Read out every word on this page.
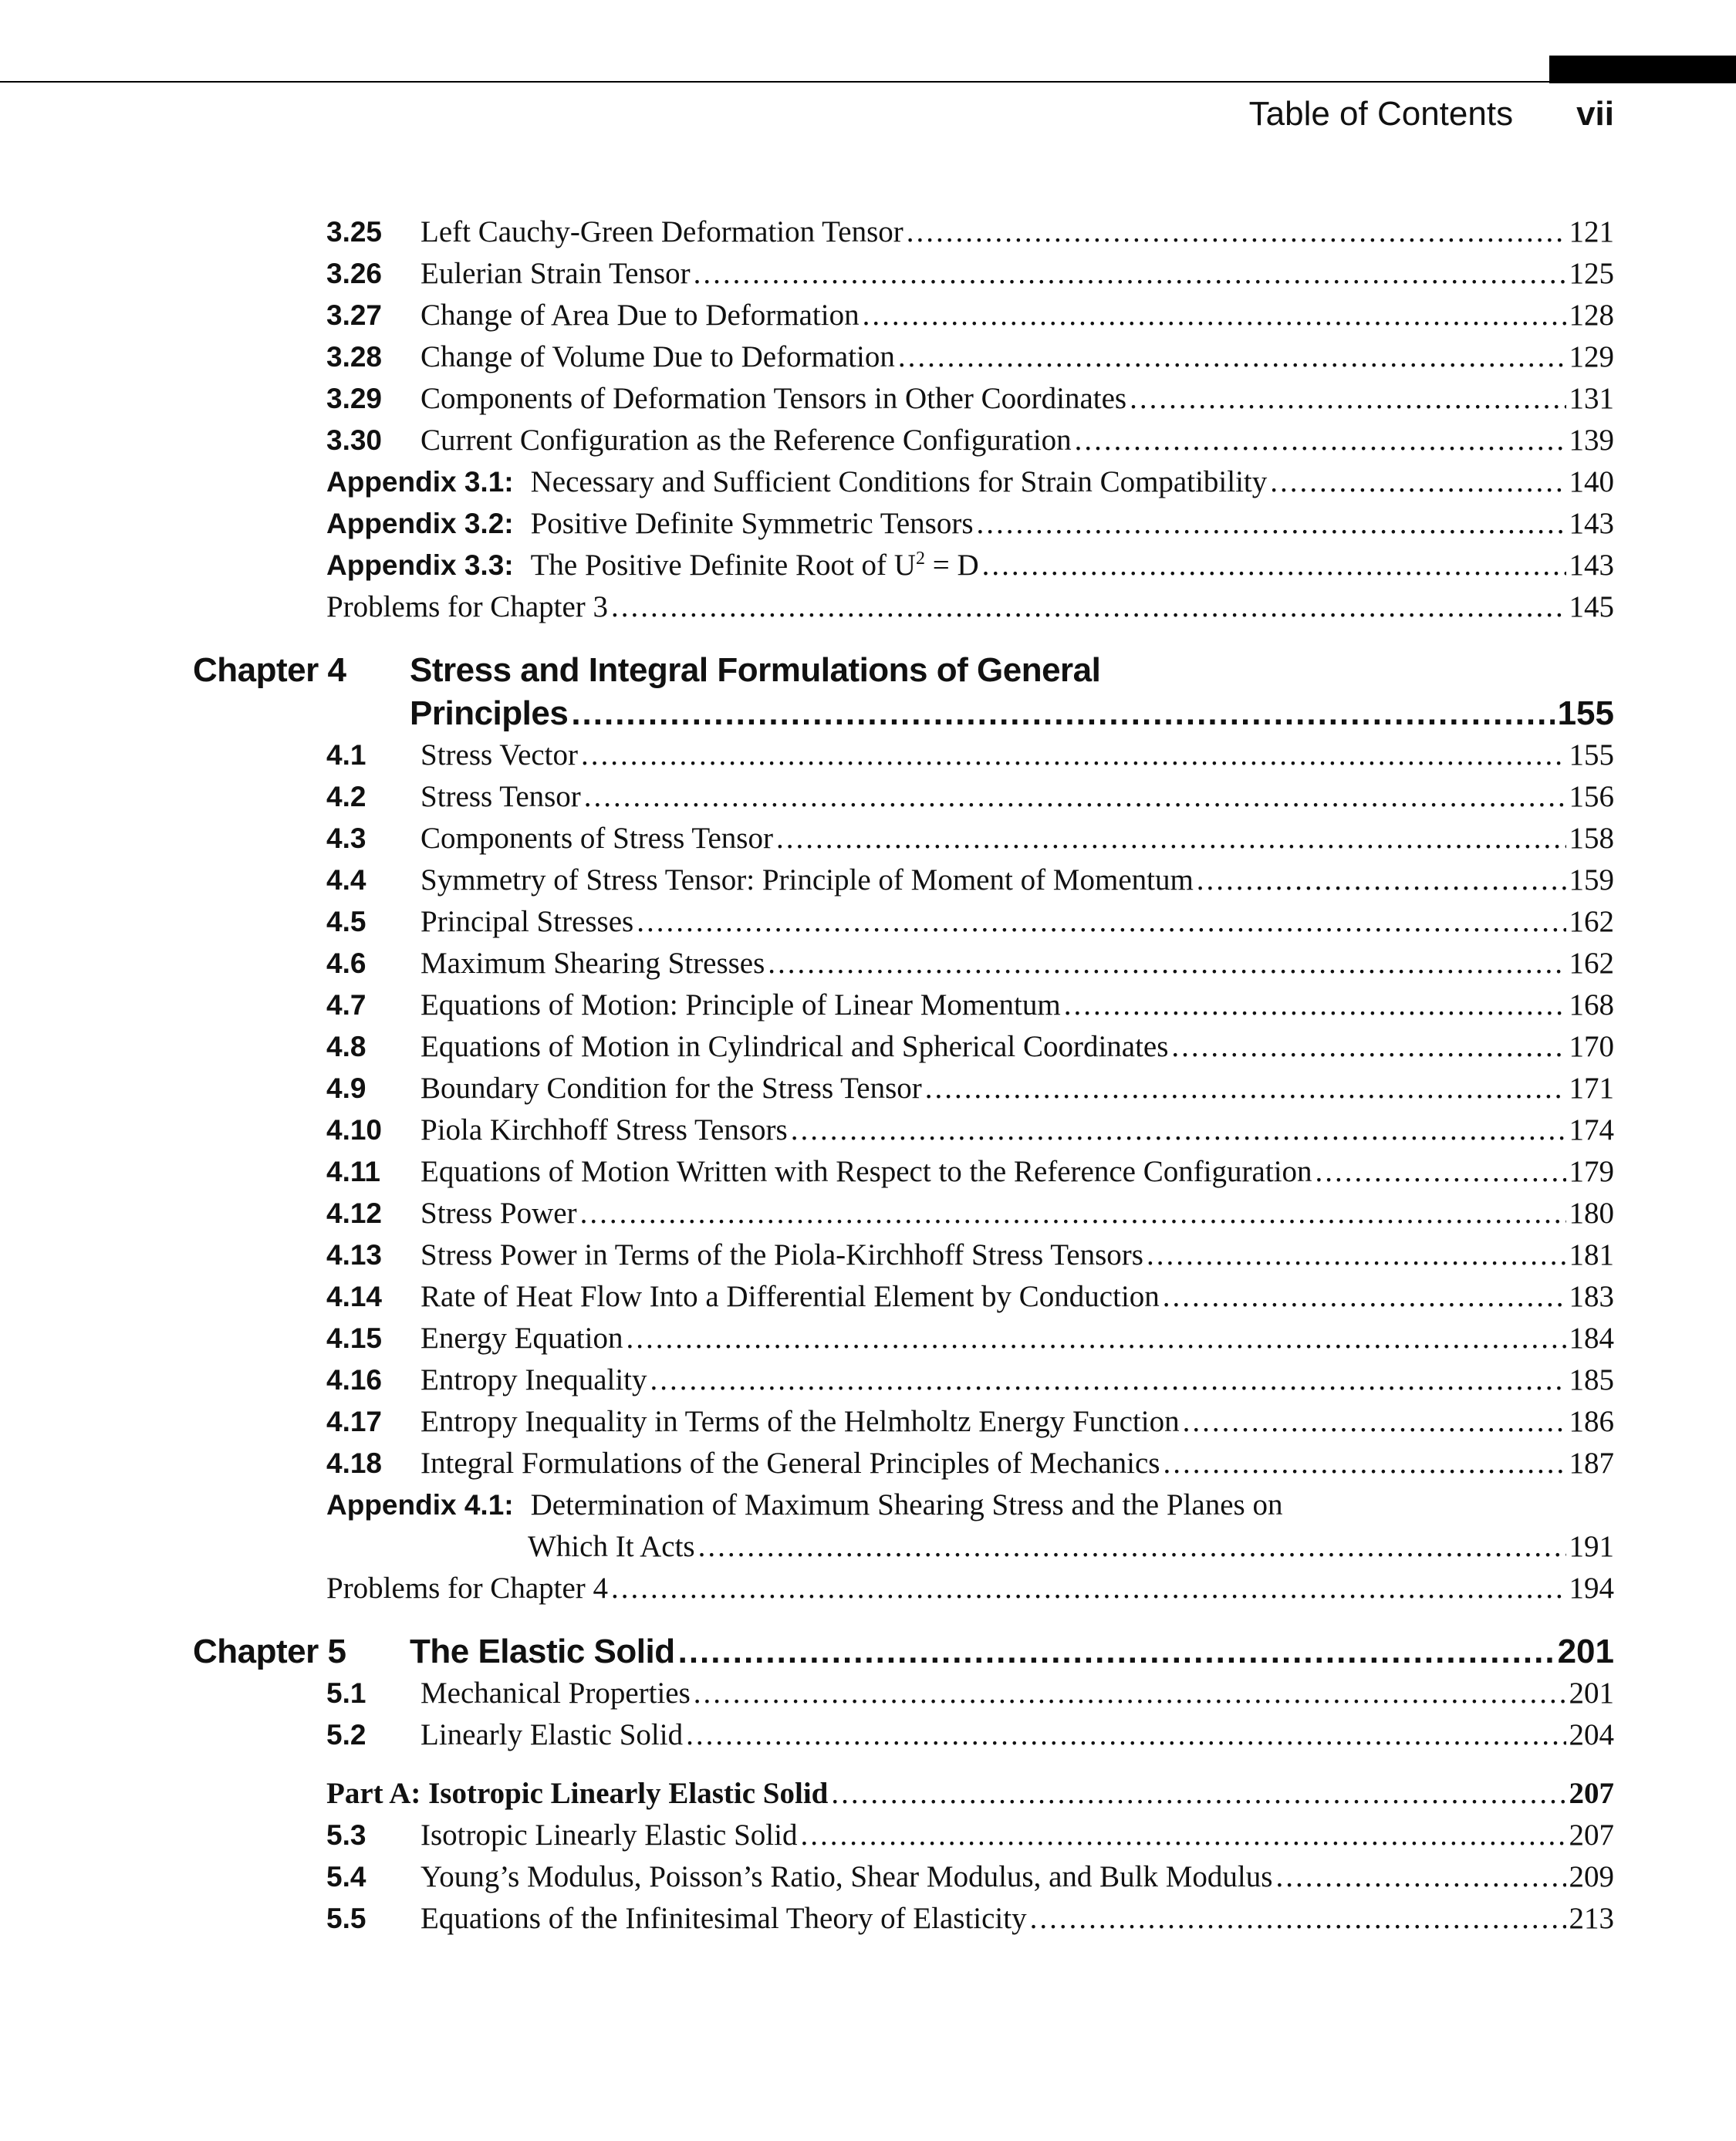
Table of Contents vii
3.25	Left Cauchy-Green Deformation Tensor .....	121
3.26	Eulerian Strain Tensor .....	125
3.27	Change of Area Due to Deformation .....	128
3.28	Change of Volume Due to Deformation .....	129
3.29	Components of Deformation Tensors in Other Coordinates .....	131
3.30	Current Configuration as the Reference Configuration .....	139
Appendix 3.1: Necessary and Sufficient Conditions for Strain Compatibility .....	140
Appendix 3.2: Positive Definite Symmetric Tensors .....	143
Appendix 3.3: The Positive Definite Root of $U^2 = D$ .....	143
Problems for Chapter 3 .....	145
Chapter 4	Stress and Integral Formulations of General
Principles .....	155
4.1	Stress Vector .....	155
4.2	Stress Tensor .....	156
4.3	Components of Stress Tensor .....	158
4.4	Symmetry of Stress Tensor: Principle of Moment of Momentum .....	159
4.5	Principal Stresses .....	162
4.6	Maximum Shearing Stresses .....	162
4.7	Equations of Motion: Principle of Linear Momentum .....	168
4.8	Equations of Motion in Cylindrical and Spherical Coordinates .....	170
4.9	Boundary Condition for the Stress Tensor .....	171
4.10	Piola Kirchhoff Stress Tensors .....	174
4.11	Equations of Motion Written with Respect to the Reference Configuration .....	179
4.12	Stress Power .....	180
4.13	Stress Power in Terms of the Piola-Kirchhoff Stress Tensors .....	181
4.14	Rate of Heat Flow Into a Differential Element by Conduction .....	183
4.15	Energy Equation .....	184
4.16	Entropy Inequality .....	185
4.17	Entropy Inequality in Terms of the Helmholtz Energy Function .....	186
4.18	Integral Formulations of the General Principles of Mechanics .....	187
Appendix 4.1: Determination of Maximum Shearing Stress and the Planes on
Which It Acts .....	191
Problems for Chapter 4 .....	194
Chapter 5	The Elastic Solid .....	201
5.1	Mechanical Properties .....	201
5.2	Linearly Elastic Solid .....	204
Part A: Isotropic Linearly Elastic Solid .....	207
5.3	Isotropic Linearly Elastic Solid .....	207
5.4	Young’s Modulus, Poisson’s Ratio, Shear Modulus, and Bulk Modulus .....	209
5.5	Equations of the Infinitesimal Theory of Elasticity .....	213
